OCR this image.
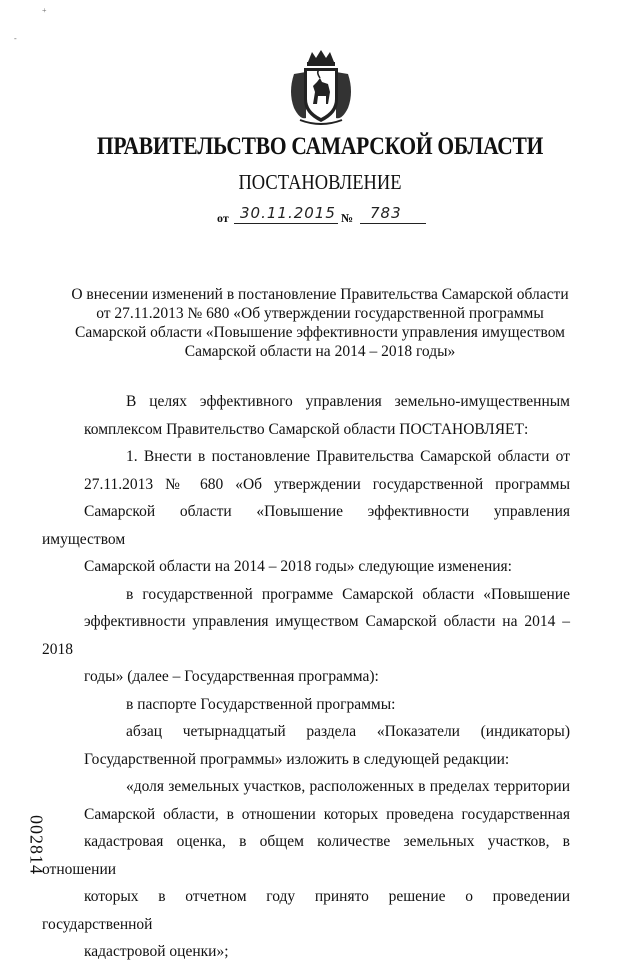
+
-
ПРАВИТЕЛЬСТВО САМАРСКОЙ ОБЛАСТИ
ПОСТАНОВЛЕНИЕ
от 30.11.2015 № 783
О внесении изменений в постановление Правительства Самарской области
от 27.11.2013 № 680 «Об утверждении государственной программы
Самарской области «Повышение эффективности управления имуществом
Самарской области на 2014 – 2018 годы»

В целях эффективного управления земельно-имущественным
комплексом Правительство Самарской области ПОСТАНОВЛЯЕТ:

1. Внести в постановление Правительства Самарской области от
27.11.2013 № 680 «Об утверждении государственной программы
Самарской области «Повышение эффективности управления имуществом
Самарской области на 2014 – 2018 годы» следующие изменения:

в государственной программе Самарской области «Повышение
эффективности управления имуществом Самарской области на 2014 – 2018
годы» (далее – Государственная программа):

в паспорте Государственной программы:

абзац четырнадцатый раздела «Показатели (индикаторы)
Государственной программы» изложить в следующей редакции:

«доля земельных участков, расположенных в пределах территории
Самарской области, в отношении которых проведена государственная
кадастровая оценка, в общем количестве земельных участков, в отношении
которых в отчетном году принято решение о проведении государственной
кадастровой оценки»;

002814
